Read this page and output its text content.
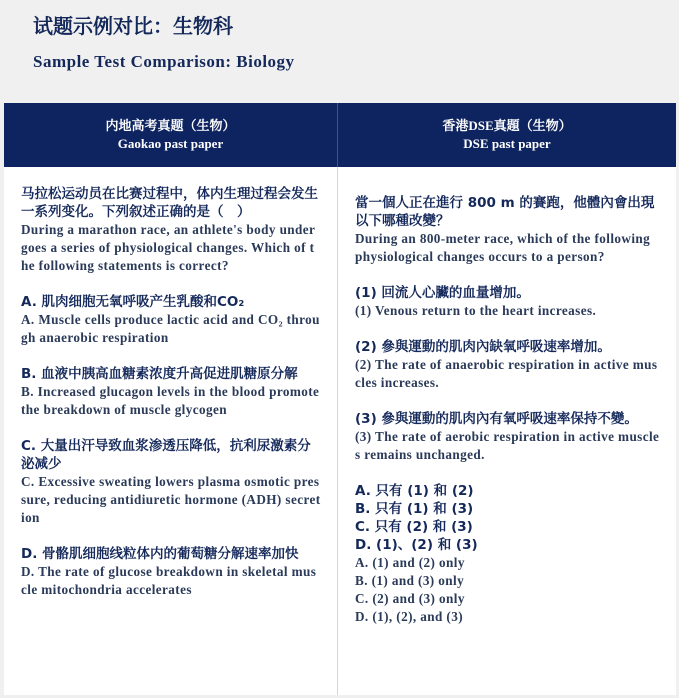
试题示例对比：生物科
Sample Test Comparison: Biology
内地高考真题（生物）
Gaokao past paper
香港DSE真題（生物）
DSE past paper
马拉松运动员在比赛过程中，体内生理过程会发生一系列变化。下列叙述正确的是（　）
During a marathon race, an athlete's body undergoes a series of physiological changes. Which of the following statements is correct?
A. 肌肉细胞无氧呼吸产生乳酸和CO₂
A. Muscle cells produce lactic acid and CO₂ through anaerobic respiration
B. 血液中胰高血糖素浓度升高促进肌糖原分解
B. Increased glucagon levels in the blood promote the breakdown of muscle glycogen
C. 大量出汗导致血浆渗透压降低，抗利尿激素分泌减少
C. Excessive sweating lowers plasma osmotic pressure, reducing antidiuretic hormone (ADH) secretion
D. 骨骼肌细胞线粒体内的葡萄糖分解速率加快
D. The rate of glucose breakdown in skeletal muscle mitochondria accelerates
當一個人正在進行 800 m 的賽跑，他體內會出現以下哪種改變？
During an 800-meter race, which of the following physiological changes occurs to a person?
(1) 回流人心臟的血量增加。
(1) Venous return to the heart increases.
(2) 參與運動的肌肉內缺氧呼吸速率增加。
(2) The rate of anaerobic respiration in active muscles increases.
(3) 參與運動的肌肉內有氧呼吸速率保持不變。
(3) The rate of aerobic respiration in active muscles remains unchanged.
A. 只有 (1) 和 (2)
B. 只有 (1) 和 (3)
C. 只有 (2) 和 (3)
D. (1)、(2) 和 (3)
A. (1) and (2) only
B. (1) and (3) only
C. (2) and (3) only
D. (1), (2), and (3)
